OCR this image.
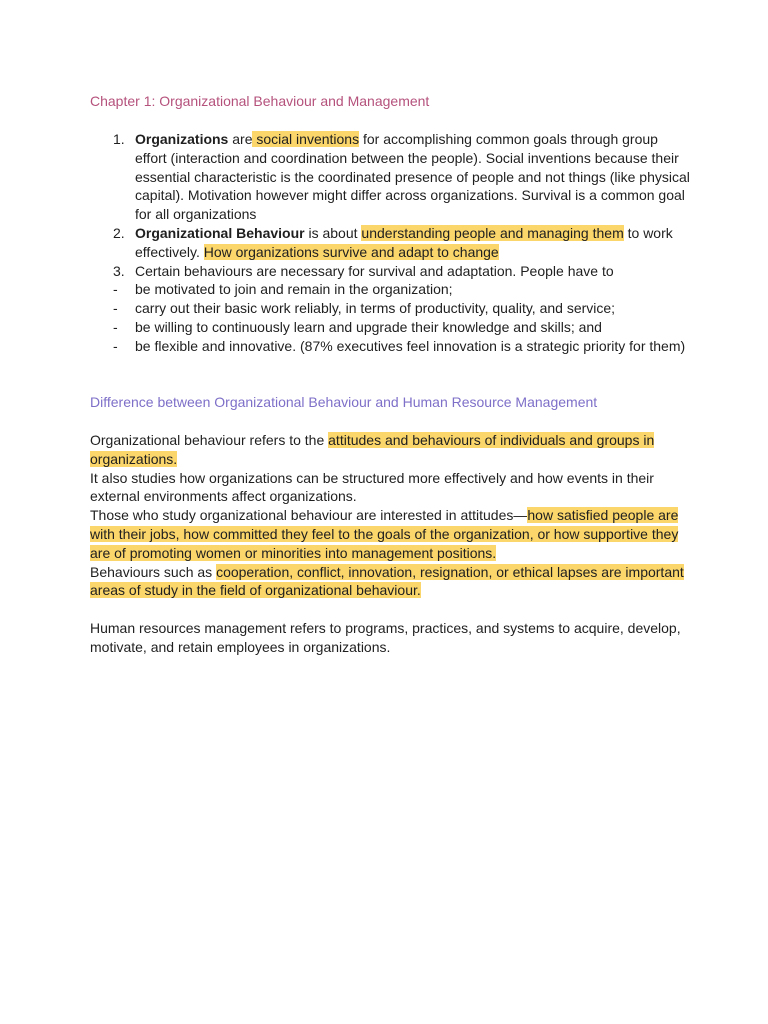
Chapter 1: Organizational Behaviour and Management
1. Organizations are social inventions for accomplishing common goals through group effort (interaction and coordination between the people). Social inventions because their essential characteristic is the coordinated presence of people and not things (like physical capital). Motivation however might differ across organizations. Survival is a common goal for all organizations
2. Organizational Behaviour is about understanding people and managing them to work effectively. How organizations survive and adapt to change
3. Certain behaviours are necessary for survival and adaptation. People have to
-	be motivated to join and remain in the organization;
-	carry out their basic work reliably, in terms of productivity, quality, and service;
-	be willing to continuously learn and upgrade their knowledge and skills; and
-	be flexible and innovative. (87% executives feel innovation is a strategic priority for them)
Difference between Organizational Behaviour and Human Resource Management

Organizational behaviour refers to the attitudes and behaviours of individuals and groups in organizations.

It also studies how organizations can be structured more effectively and how events in their external environments affect organizations.

Those who study organizational behaviour are interested in attitudes—how satisfied people are with their jobs, how committed they feel to the goals of the organization, or how supportive they are of promoting women or minorities into management positions.

Behaviours such as cooperation, conflict, innovation, resignation, or ethical lapses are important areas of study in the field of organizational behaviour.

Human resources management refers to programs, practices, and systems to acquire, develop, motivate, and retain employees in organizations.
